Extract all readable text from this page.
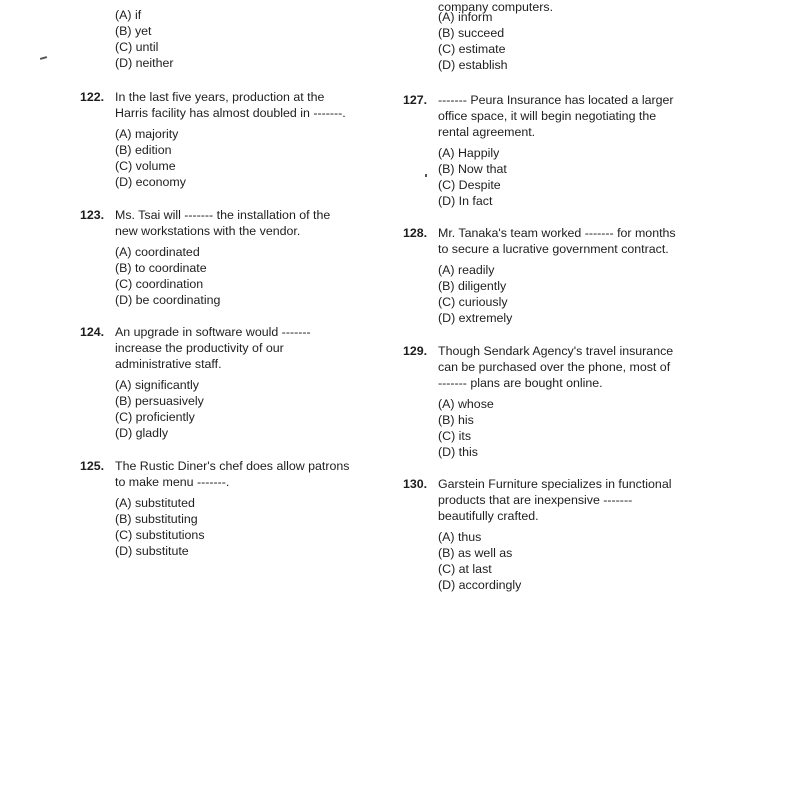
(A) if
(B) yet
(C) until
(D) neither
122. In the last five years, production at the
Harris facility has almost doubled in -------.
(A) majority
(B) edition
(C) volume
(D) economy
123. Ms. Tsai will ------- the installation of the
new workstations with the vendor.
(A) coordinated
(B) to coordinate
(C) coordination
(D) be coordinating
124. An upgrade in software would -------
increase the productivity of our
administrative staff.
(A) significantly
(B) persuasively
(C) proficiently
(D) gladly
125. The Rustic Diner's chef does allow patrons
to make menu -------.
(A) substituted
(B) substituting
(C) substitutions
(D) substitute
company computers.
(A) inform
(B) succeed
(C) estimate
(D) establish
127. ------- Peura Insurance has located a larger
office space, it will begin negotiating the
rental agreement.
(A) Happily
(B) Now that
(C) Despite
(D) In fact
128. Mr. Tanaka's team worked ------- for months
to secure a lucrative government contract.
(A) readily
(B) diligently
(C) curiously
(D) extremely
129. Though Sendark Agency's travel insurance
can be purchased over the phone, most of
------- plans are bought online.
(A) whose
(B) his
(C) its
(D) this
130. Garstein Furniture specializes in functional
products that are inexpensive -------
beautifully crafted.
(A) thus
(B) as well as
(C) at last
(D) accordingly
